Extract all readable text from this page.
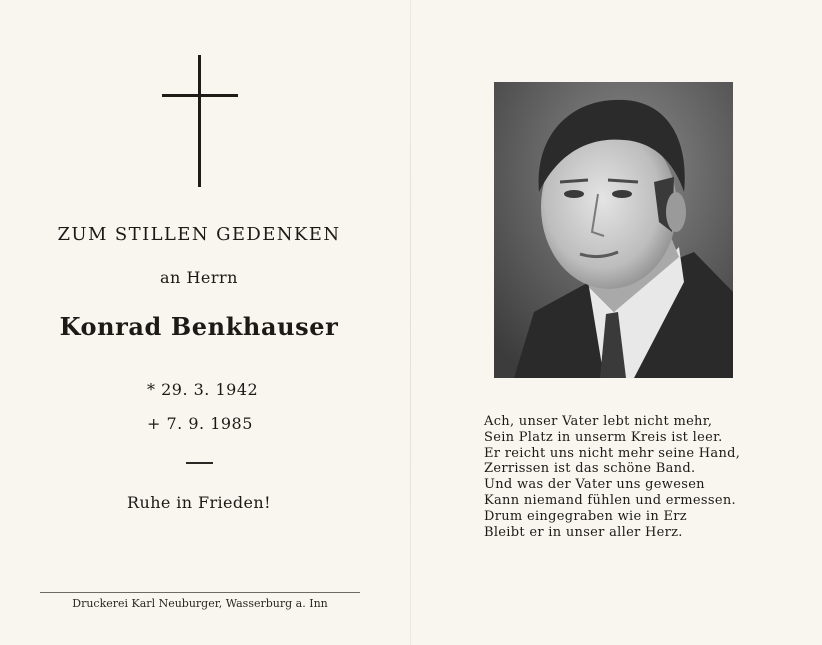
ZUM STILLEN GEDENKEN
an Herrn
Konrad Benkhauser
* 29. 3. 1942
+ 7. 9. 1985
Ruhe in Frieden!
Druckerei Karl Neuburger, Wasserburg a. Inn
Ach, unser Vater lebt nicht mehr,
Sein Platz in unserm Kreis ist leer.
Er reicht uns nicht mehr seine Hand,
Zerrissen ist das schöne Band.
Und was der Vater uns gewesen
Kann niemand fühlen und ermessen.
Drum eingegraben wie in Erz
Bleibt er in unser aller Herz.
